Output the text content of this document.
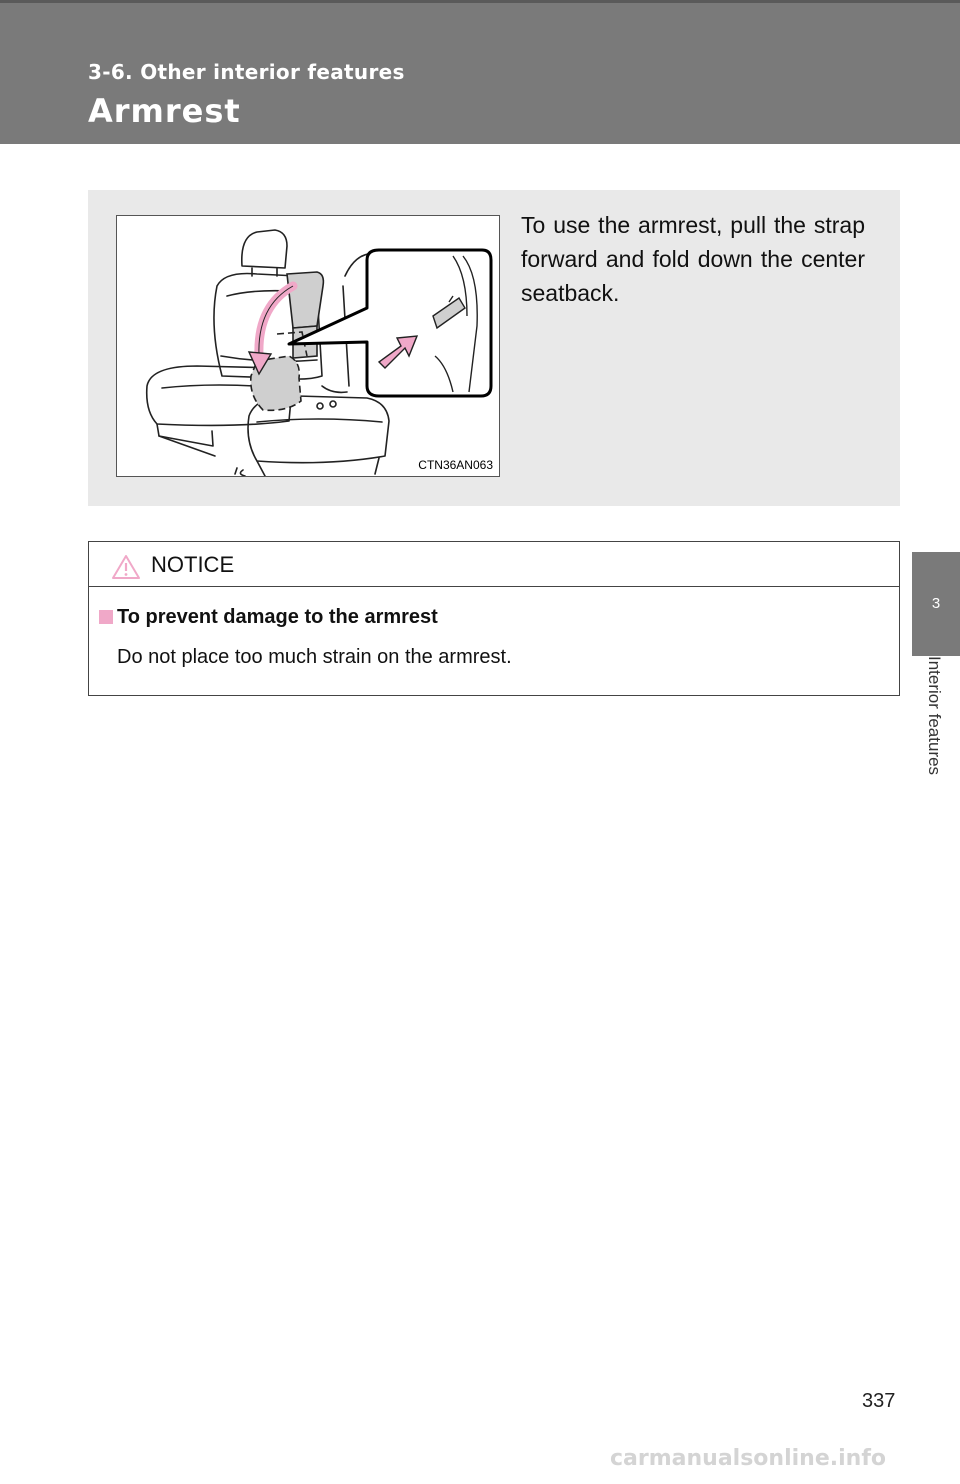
3-6. Other interior features
Armrest
3
Interior features
CTN36AN063
To use the armrest, pull the strap forward and fold down the center seatback.
NOTICE
To prevent damage to the armrest
Do not place too much strain on the armrest.
337
carmanualsonline.info
